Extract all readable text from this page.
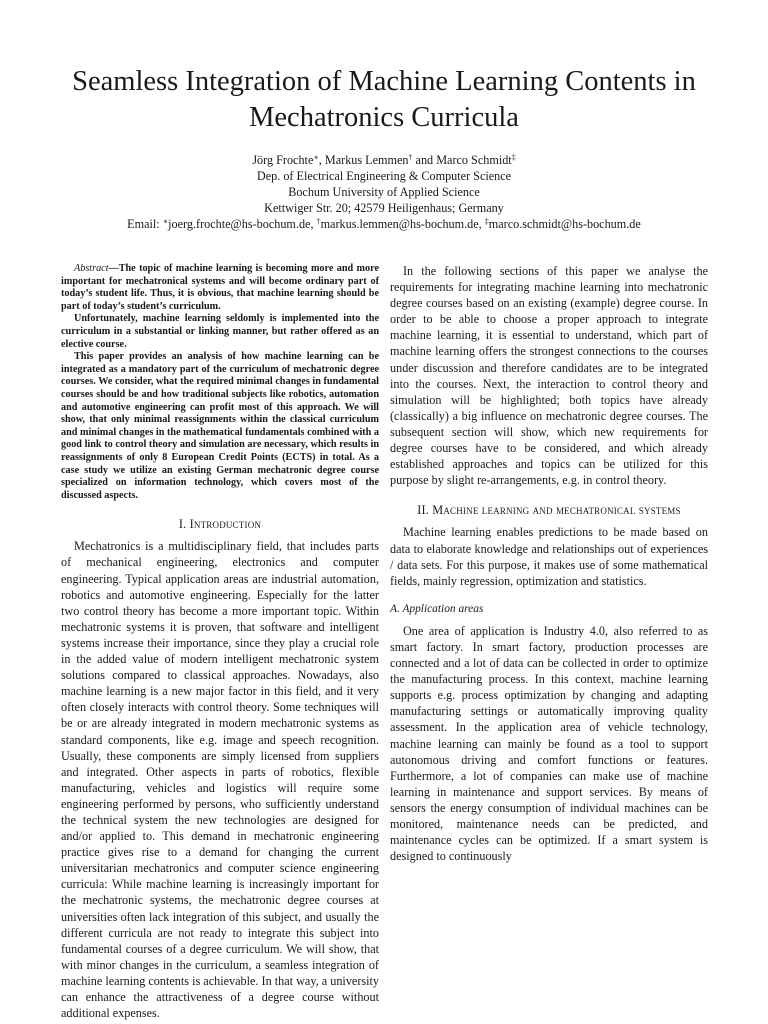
Seamless Integration of Machine Learning Contents in Mechatronics Curricula
Jörg Frochte∗, Markus Lemmen† and Marco Schmidt‡
Dep. of Electrical Engineering & Computer Science
Bochum University of Applied Science
Kettwiger Str. 20; 42579 Heiligenhaus; Germany
Email: ∗joerg.frochte@hs-bochum.de, †markus.lemmen@hs-bochum.de, ‡marco.schmidt@hs-bochum.de

Abstract—The topic of machine learning is becoming more and more important for mechatronical systems and will become ordinary part of today’s student life. Thus, it is obvious, that machine learning should be part of today’s student’s curriculum.

Unfortunately, machine learning seldomly is implemented into the curriculum in a substantial or linking manner, but rather offered as an elective course.

This paper provides an analysis of how machine learning can be integrated as a mandatory part of the curriculum of mechatronic degree courses. We consider, what the required minimal changes in fundamental courses should be and how traditional subjects like robotics, automation and automotive engineering can profit most of this approach. We will show, that only minimal reassignments within the classical curriculum and minimal changes in the mathematical fundamentals combined with a good link to control theory and simulation are necessary, which results in reassignments of only 8 European Credit Points (ECTS) in total. As a case study we utilize an existing German mechatronic degree course specialized on information technology, which covers most of the discussed aspects.

I. Introduction

Mechatronics is a multidisciplinary field, that includes parts of mechanical engineering, electronics and computer engineering. Typical application areas are industrial automation, robotics and automotive engineering. Especially for the latter two control theory has become a more important topic. Within mechatronic systems it is proven, that software and intelligent systems increase their importance, since they play a crucial role in the added value of modern intelligent mechatronic system solutions compared to classical approaches. Nowadays, also machine learning is a new major factor in this field, and it very often closely interacts with control theory. Some techniques will be or are already integrated in modern mechatronic systems as standard components, like e.g. image and speech recognition. Usually, these components are simply licensed from suppliers and integrated. Other aspects in parts of robotics, flexible manufacturing, vehicles and logistics will require some engineering performed by persons, who sufficiently understand the technical system the new technologies are designed for and/or applied to. This demand in mechatronic engineering practice gives rise to a demand for changing the current universitarian mechatronics and computer science engineering curricula: While machine learning is increasingly important for the mechatronic systems, the mechatronic degree courses at universities often lack integration of this subject, and usually the different curricula are not ready to integrate this subject into fundamental courses of a degree curriculum. We will show, that with minor changes in the curriculum, a seamless integration of machine learning contents is achievable. In that way, a university can enhance the attractiveness of a degree course without additional expenses.

In the following sections of this paper we analyse the requirements for integrating machine learning into mechatronic degree courses based on an existing (example) degree course. In order to be able to choose a proper approach to integrate machine learning, it is essential to understand, which part of machine learning offers the strongest connections to the courses under discussion and therefore candidates are to be integrated into the courses. Next, the interaction to control theory and simulation will be highlighted; both topics have already (classically) a big influence on mechatronic degree courses. The subsequent section will show, which new requirements for degree courses have to be considered, and which already established approaches and topics can be utilized for this purpose by slight re-arrangements, e.g. in control theory.

II. Machine learning and mechatronical systems

Machine learning enables predictions to be made based on data to elaborate knowledge and relationships out of experiences / data sets. For this purpose, it makes use of some mathematical fields, mainly regression, optimization and statistics.

A. Application areas

One area of application is Industry 4.0, also referred to as smart factory. In smart factory, production processes are connected and a lot of data can be collected in order to optimize the manufacturing process. In this context, machine learning supports e.g. process optimization by changing and adapting manufacturing settings or automatically improving quality assessment. In the application area of vehicle technology, machine learning can mainly be found as a tool to support autonomous driving and comfort functions or features. Furthermore, a lot of companies can make use of machine learning in maintenance and support services. By means of sensors the energy consumption of individual machines can be monitored, maintenance needs can be predicted, and maintenance cycles can be optimized. If a smart system is designed to continuously
